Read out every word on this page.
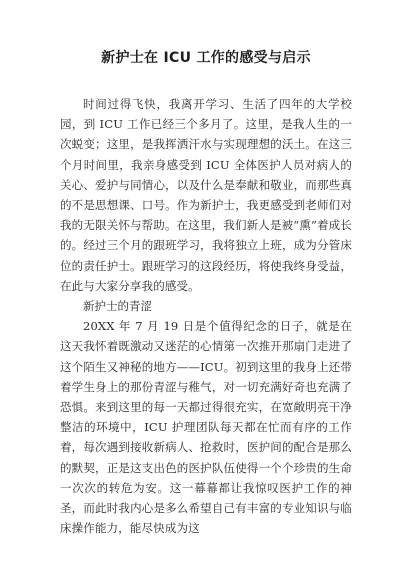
新护士在 ICU 工作的感受与启示

时间过得飞快，我离开学习、生活了四年的大学校园，到 ICU 工作已经三个多月了。这里，是我人生的一次蜕变；这里，是我挥洒汗水与实现理想的沃土。在这三个月时间里，我亲身感受到 ICU 全体医护人员对病人的关心、爱护与同情心，以及什么是奉献和敬业，而那些真的不是思想课、口号。作为新护士，我更感受到老师们对我的无限关怀与帮助。在这里，我们新人是被“熏”着成长的。经过三个月的跟班学习，我将独立上班，成为分管床位的责任护士。跟班学习的这段经历，将使我终身受益，在此与大家分享我的感受。

新护士的青涩

20XX 年 7 月 19 日是个值得纪念的日子，就是在这天我怀着既激动又迷茫的心情第一次推开那扇门走进了这个陌生又神秘的地方——ICU。初到这里的我身上还带着学生身上的那份青涩与稚气，对一切充满好奇也充满了恐惧。来到这里的每一天都过得很充实，在宽敞明亮干净整洁的环境中，ICU 护理团队每天都在忙而有序的工作着，每次遇到接收新病人、抢救时，医护间的配合是那么的默契，正是这支出色的医护队伍使得一个个珍贵的生命一次次的转危为安。这一幕幕都让我惊叹医护工作的神圣，而此时我内心是多么希望自己有丰富的专业知识与临床操作能力，能尽快成为这
